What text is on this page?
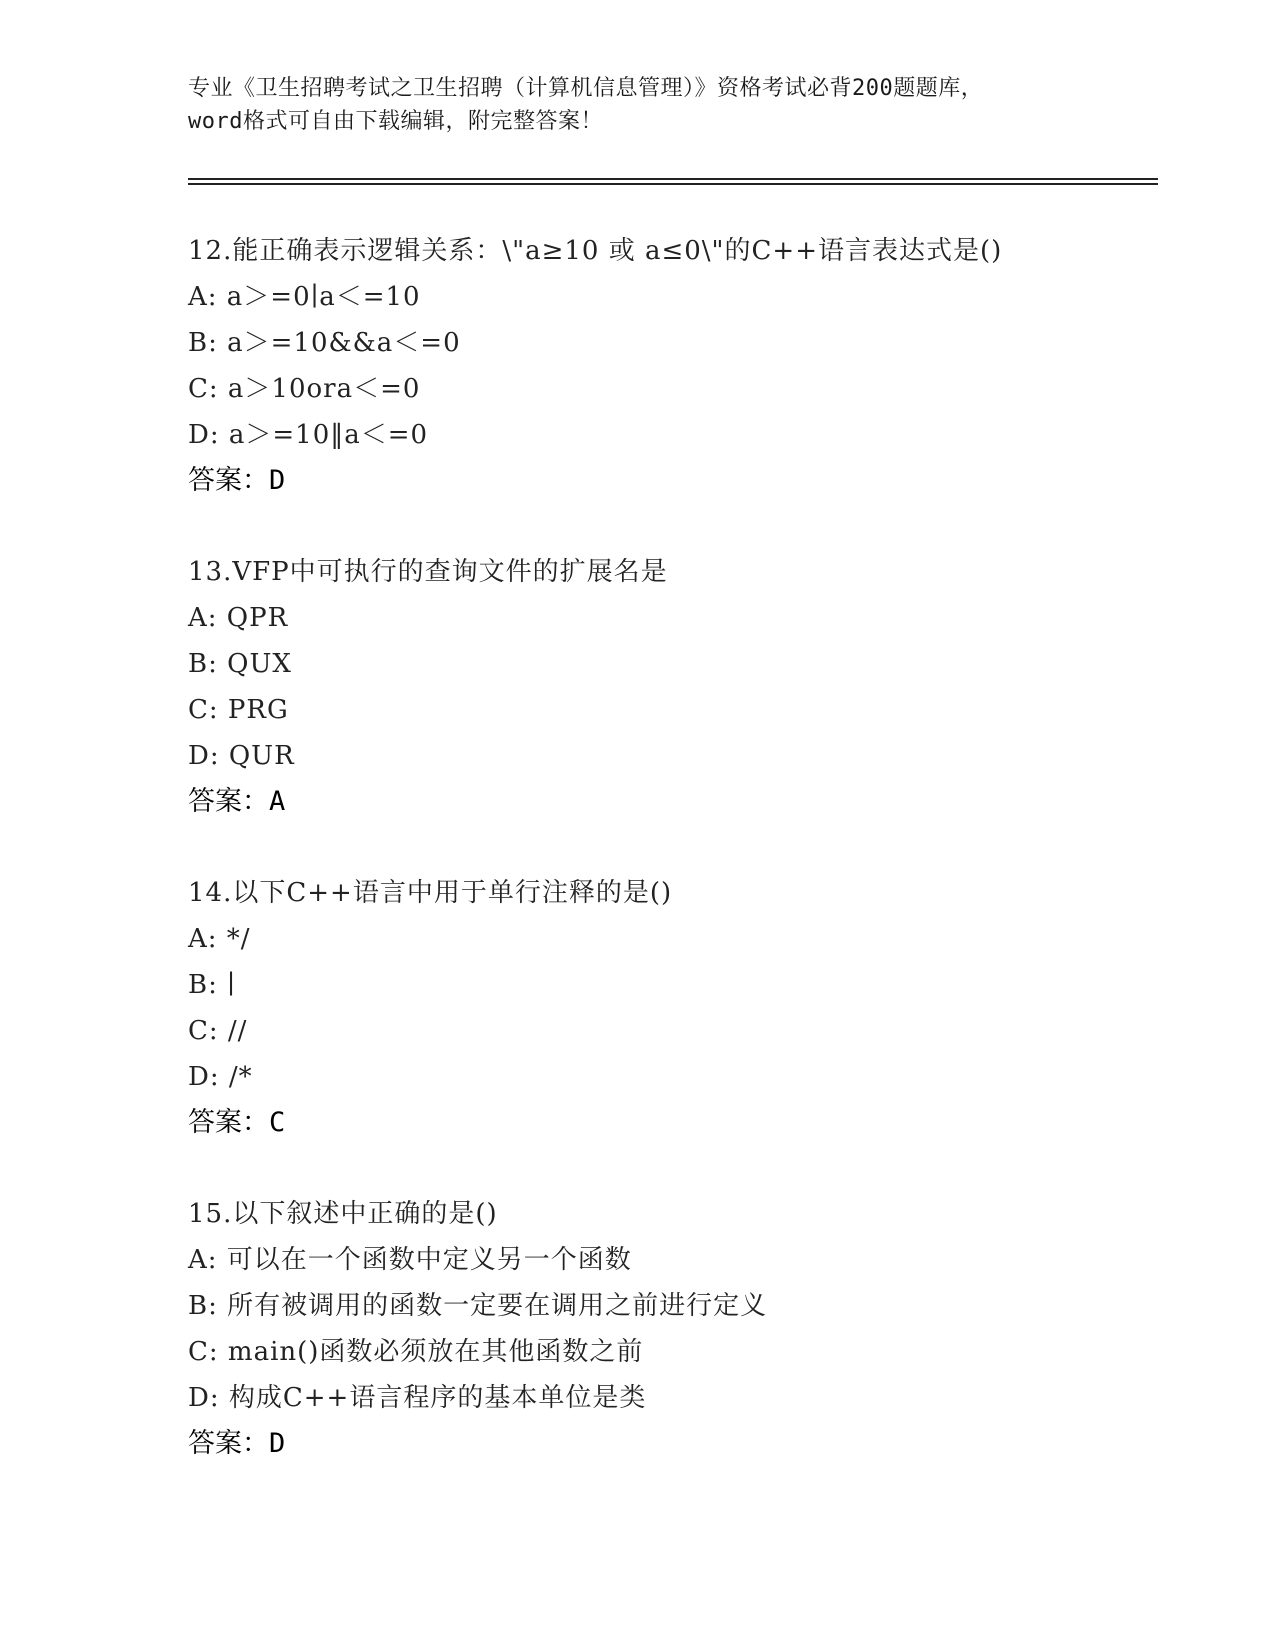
专业《卫生招聘考试之卫生招聘（计算机信息管理）》资格考试必背200题题库，
word格式可自由下载编辑，附完整答案！
12.能正确表示逻辑关系：\"a≥10 或 a≤0\"的C++语言表达式是()
A: a＞=0∣a＜=10
B: a＞=10&&a＜=0
C: a＞10ora＜=0
D: a＞=10‖a＜=0
答案：D
13.VFP中可执行的查询文件的扩展名是
A: QPR
B: QUX
C: PRG
D: QUR
答案：A
14.以下C++语言中用于单行注释的是()
A: */
B: ∣
C: //
D: /*
答案：C
15.以下叙述中正确的是()
A: 可以在一个函数中定义另一个函数
B: 所有被调用的函数一定要在调用之前进行定义
C: main()函数必须放在其他函数之前
D: 构成C++语言程序的基本单位是类
答案：D
